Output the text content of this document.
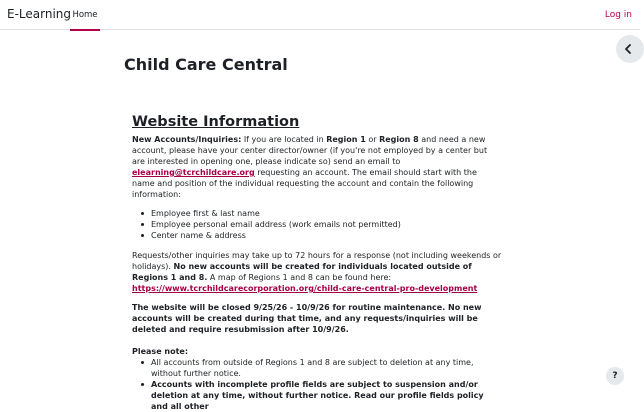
E-Learning Home	Log in
Child Care Central
Website Information

New Accounts/Inquiries: If you are located in Region 1 or Region 8 and need a new account, please have your center director/owner (if you're not employed by a center but are interested in opening one, please indicate so) send an email to elearning@tcrchildcare.org requesting an account. The email should start with the name and position of the individual requesting the account and contain the following information:

Employee first & last name
Employee personal email address (work emails not permitted)
Center name & address

Requests/other inquiries may take up to 72 hours for a response (not including weekends or holidays). No new accounts will be created for individuals located outside of Regions 1 and 8. A map of Regions 1 and 8 can be found here: https://www.tcrchildcarecorporation.org/child-care-central-pro-development

The website will be closed 9/25/26 - 10/9/26 for routine maintenance. No new accounts will be created during that time, and any requests/inquiries will be deleted and require resubmission after 10/9/26.

Please note:

All accounts from outside of Regions 1 and 8 are subject to deletion at any time, without further notice.
Accounts with incomplete profile fields are subject to suspension and/or deletion at any time, without further notice. Read our profile fields policy and all other
?
